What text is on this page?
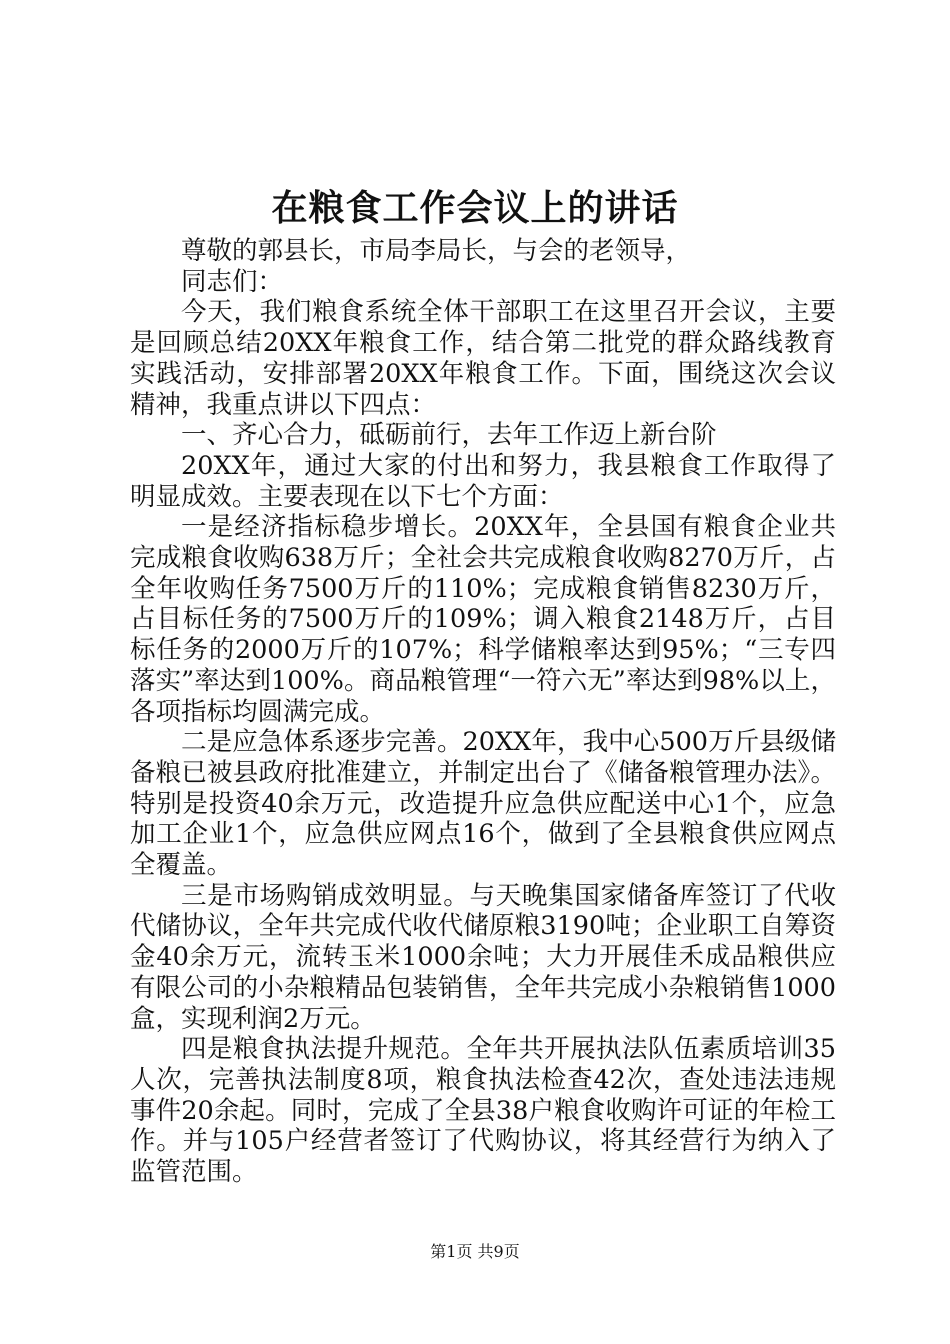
在粮食工作会议上的讲话

尊敬的郭县长，市局李局长，与会的老领导，

同志们：

今天，我们粮食系统全体干部职工在这里召开会议，主要是回顾总结20XX年粮食工作，结合第二批党的群众路线教育实践活动，安排部署20XX年粮食工作。下面，围绕这次会议精神，我重点讲以下四点：

一、齐心合力，砥砺前行，去年工作迈上新台阶

20XX年，通过大家的付出和努力，我县粮食工作取得了明显成效。主要表现在以下七个方面：

一是经济指标稳步增长。20XX年，全县国有粮食企业共完成粮食收购638万斤；全社会共完成粮食收购8270万斤，占全年收购任务7500万斤的110%；完成粮食销售8230万斤，占目标任务的7500万斤的109%；调入粮食2148万斤，占目标任务的2000万斤的107%；科学储粮率达到95%；“三专四落实”率达到100%。商品粮管理“一符六无”率达到98%以上，各项指标均圆满完成。

二是应急体系逐步完善。20XX年，我中心500万斤县级储备粮已被县政府批准建立，并制定出台了《储备粮管理办法》。特别是投资40余万元，改造提升应急供应配送中心1个，应急加工企业1个，应急供应网点16个，做到了全县粮食供应网点全覆盖。

三是市场购销成效明显。与天晚集国家储备库签订了代收代储协议，全年共完成代收代储原粮3190吨；企业职工自筹资金40余万元，流转玉米1000余吨；大力开展佳禾成品粮供应有限公司的小杂粮精品包装销售，全年共完成小杂粮销售1000盒，实现利润2万元。

四是粮食执法提升规范。全年共开展执法队伍素质培训35人次，完善执法制度8项，粮食执法检查42次，查处违法违规事件20余起。同时，完成了全县38户粮食收购许可证的年检工作。并与105户经营者签订了代购协议，将其经营行为纳入了监管范围。

第1页 共9页
